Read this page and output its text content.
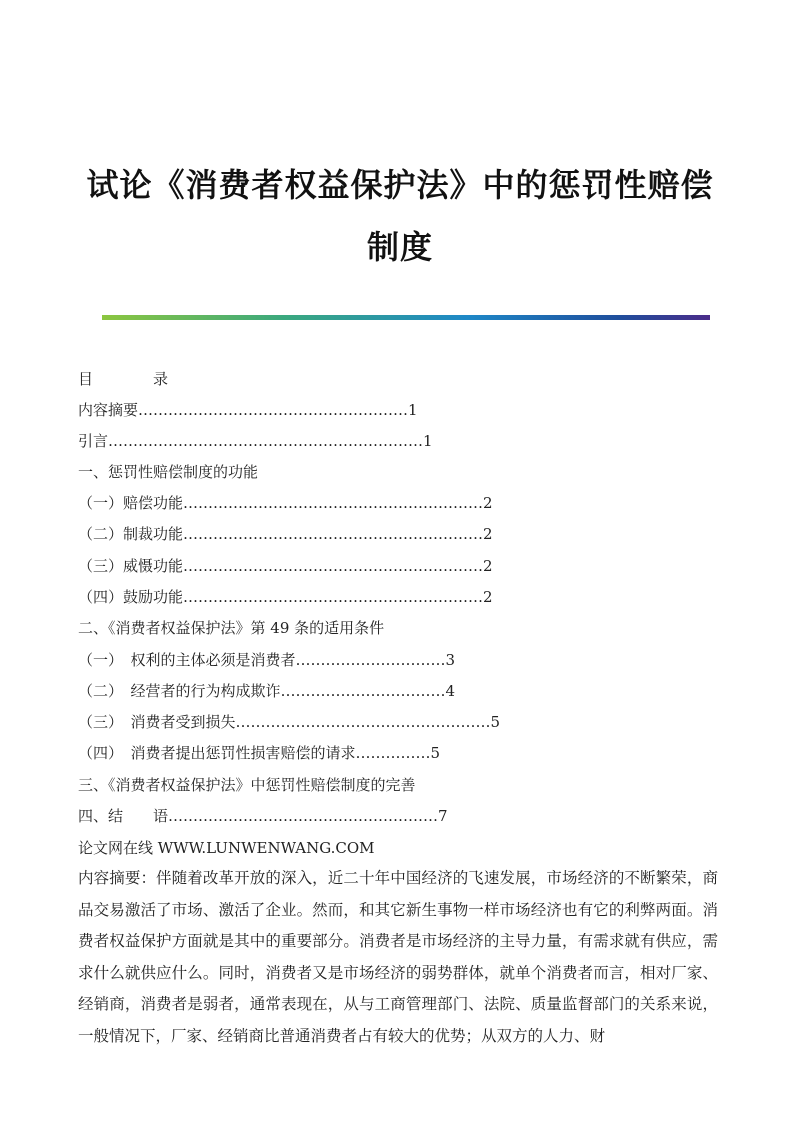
试论《消费者权益保护法》中的惩罚性赔偿
制度
目　　　　录
内容摘要………………………………………………1
引言………………………………………………………1
一、惩罚性赔偿制度的功能
（一）赔偿功能……………………………………………………2
（二）制裁功能……………………………………………………2
（三）威慑功能……………………………………………………2
（四）鼓励功能……………………………………………………2
二、《消费者权益保护法》第 49 条的适用条件
（一）　权利的主体必须是消费者…………………………3
（二）　经营者的行为构成欺诈……………………………4
（三）　消费者受到损失……………………………………………5
（四）　消费者提出惩罚性损害赔偿的请求……………5
三、《消费者权益保护法》中惩罚性赔偿制度的完善
四、结　　语………………………………………………7
论文网在线 WWW.LUNWENWANG.COM
内容摘要：伴随着改革开放的深入，近二十年中国经济的飞速发展，市场经济的不断繁荣，商品交易激活了市场、激活了企业。然而，和其它新生事物一样市场经济也有它的利弊两面。消费者权益保护方面就是其中的重要部分。消费者是市场经济的主导力量，有需求就有供应，需求什么就供应什么。同时，消费者又是市场经济的弱势群体，就单个消费者而言，相对厂家、经销商，消费者是弱者，通常表现在，从与工商管理部门、法院、质量监督部门的关系来说，一般情况下，厂家、经销商比普通消费者占有较大的优势；从双方的人力、财
